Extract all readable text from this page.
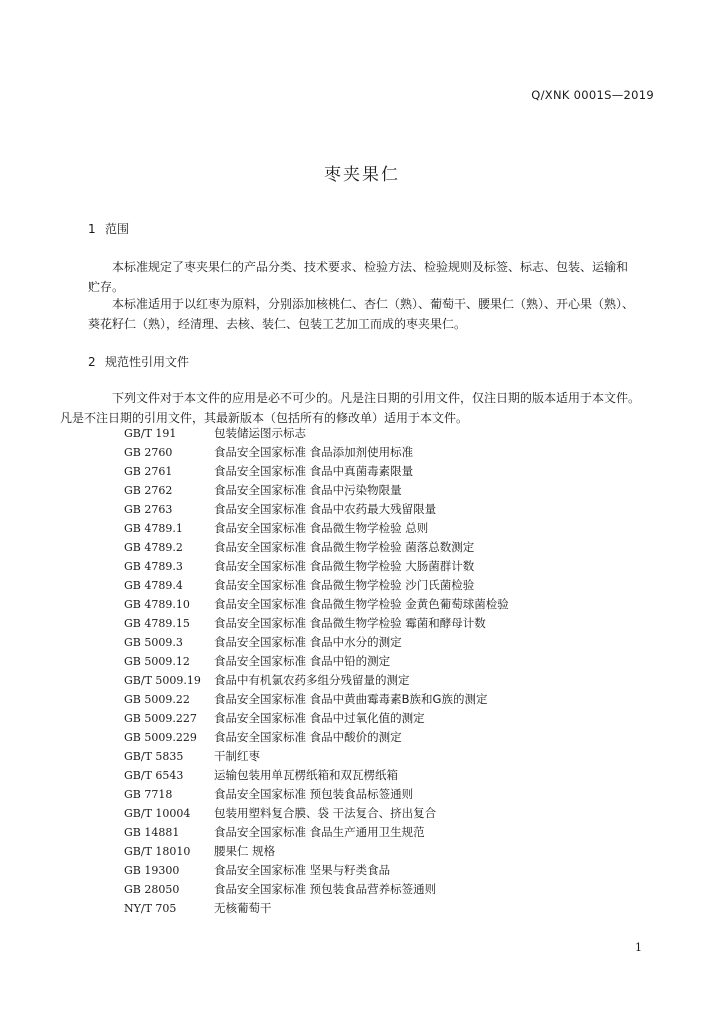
Q/XNK 0001S—2019
枣夹果仁
1 范围
本标准规定了枣夹果仁的产品分类、技术要求、检验方法、检验规则及标签、标志、包装、运输和
贮存。
本标准适用于以红枣为原料，分别添加核桃仁、杏仁（熟）、葡萄干、腰果仁（熟）、开心果（熟）、
葵花籽仁（熟），经清理、去核、装仁、包装工艺加工而成的枣夹果仁。
2 规范性引用文件
下列文件对于本文件的应用是必不可少的。凡是注日期的引用文件，仅注日期的版本适用于本文件。
凡是不注日期的引用文件，其最新版本（包括所有的修改单）适用于本文件。
GB/T 191	包装储运图示标志
GB 2760	食品安全国家标准 食品添加剂使用标准
GB 2761	食品安全国家标准 食品中真菌毒素限量
GB 2762	食品安全国家标准 食品中污染物限量
GB 2763	食品安全国家标准 食品中农药最大残留限量
GB 4789.1	食品安全国家标准 食品微生物学检验 总则
GB 4789.2	食品安全国家标准 食品微生物学检验 菌落总数测定
GB 4789.3	食品安全国家标准 食品微生物学检验 大肠菌群计数
GB 4789.4	食品安全国家标准 食品微生物学检验 沙门氏菌检验
GB 4789.10 食品安全国家标准 食品微生物学检验 金黄色葡萄球菌检验
GB 4789.15 食品安全国家标准 食品微生物学检验 霉菌和酵母计数
GB 5009.3	食品安全国家标准 食品中水分的测定
GB 5009.12 食品安全国家标准 食品中铅的测定
GB/T 5009.19 食品中有机氯农药多组分残留量的测定
GB 5009.22 食品安全国家标准 食品中黄曲霉毒素B族和G族的测定
GB 5009.227 食品安全国家标准 食品中过氧化值的测定
GB 5009.229 食品安全国家标准 食品中酸价的测定
GB/T 5835	干制红枣
GB/T 6543	运输包装用单瓦楞纸箱和双瓦楞纸箱
GB 7718	食品安全国家标准 预包装食品标签通则
GB/T 10004 包装用塑料复合膜、袋 干法复合、挤出复合
GB 14881	食品安全国家标准 食品生产通用卫生规范
GB/T 18010 腰果仁 规格
GB 19300	食品安全国家标准 坚果与籽类食品
GB 28050	食品安全国家标准 预包装食品营养标签通则
NY/T 705	无核葡萄干
1
